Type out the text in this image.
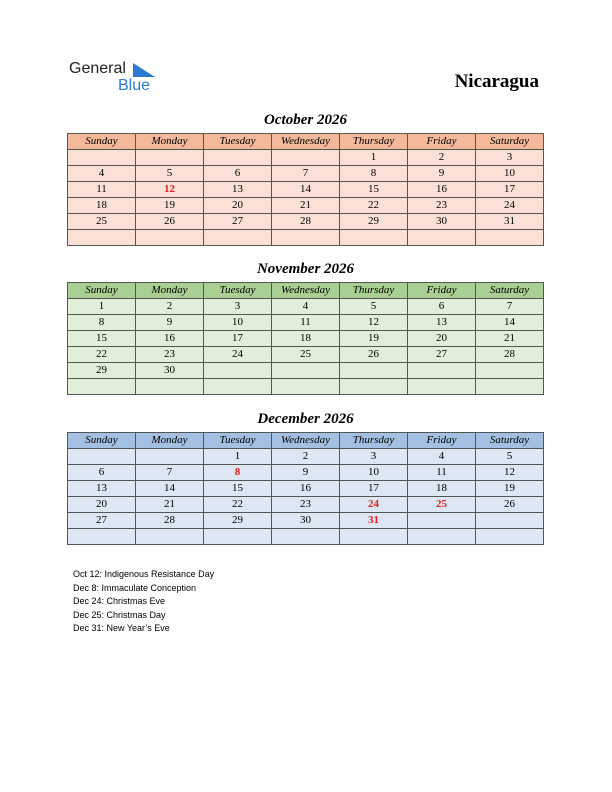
General
Blue	Nicaragua
October 2026
Sunday	Monday	Tuesday	Wednesday	Thursday	Friday	Saturday
				1	2	3
4	5	6	7	8	9	10
11	12	13	14	15	16	17
18	19	20	21	22	23	24
25	26	27	28	29	30	31

November 2026
Sunday	Monday	Tuesday	Wednesday	Thursday	Friday	Saturday
1	2	3	4	5	6	7
8	9	10	11	12	13	14
15	16	17	18	19	20	21
22	23	24	25	26	27	28
29	30					

December 2026
Sunday	Monday	Tuesday	Wednesday	Thursday	Friday	Saturday
		1	2	3	4	5
6	7	8	9	10	11	12
13	14	15	16	17	18	19
20	21	22	23	24	25	26
27	28	29	30	31		

Oct 12: Indigenous Resistance Day
Dec 8: Immaculate Conception
Dec 24: Christmas Eve
Dec 25: Christmas Day
Dec 31: New Year’s Eve
